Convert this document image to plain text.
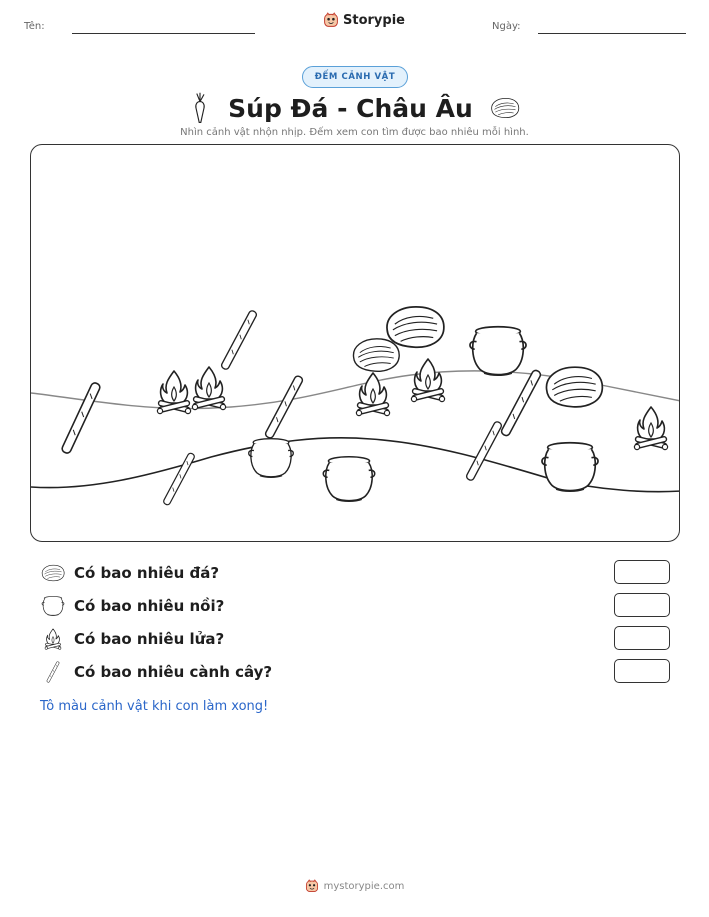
Tên:	Storypie	Ngày:
ĐẾM CẢNH VẬT
Súp Đá - Châu Âu
Nhìn cảnh vật nhộn nhịp. Đếm xem con tìm được bao nhiêu mỗi hình.
Có bao nhiêu đá?
Có bao nhiêu nồi?
Có bao nhiêu lửa?
Có bao nhiêu cành cây?
Tô màu cảnh vật khi con làm xong!
mystorypie.com
